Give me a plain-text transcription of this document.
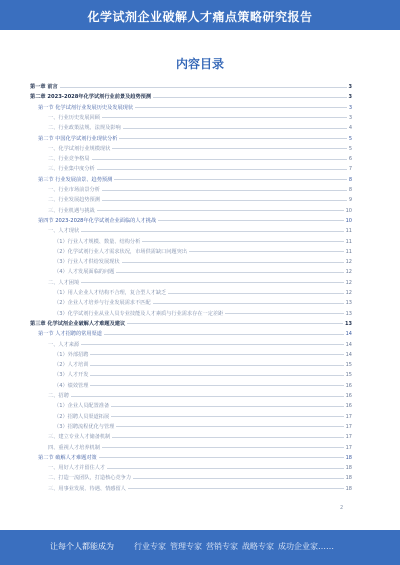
化学试剂企业破解人才痛点策略研究报告
内容目录
第一章 前言	3
第二章 2023-2028年化学试剂行业前景及趋势预测	3
第一节 化学试剂行业发展历史及发展现状	3
一、行业历史发展回顾	3
二、行业政策法规、法规及影响	4
第二节 中国化学试剂行业现状分析	5
一、化学试剂行业规模现状	5
二、行业竞争格局	6
三、行业集中度分析	7
第三节 行业发展前景、趋势预测	8
一、行业市场前景分析	8
二、行业发展趋势预测	9
三、行业机遇与挑战	10
第四节 2023-2028年化学试剂企业面临的人才挑战	10
一、人才现状	11
（1）行业人才规模、数量、结构分析	11
（2）化学试剂行业人才需求状况，市场供需缺口问题突出	11
（3）行业人才供给发展现状	12
（4）人才发展面临的问题	12
二、人才困境	12
（1）用人企业人才结构不合理，复合型人才缺乏	12
（2）企业人才培养与行业发展需求不匹配	13
（3）化学试剂行业从业人员专业技能及人才素质与行业需求存在一定差距	13
第三章 化学试剂企业破解人才难题及建议	13
第一节 人才招聘的常用渠道	14
一、人才来源	14
（1）外部招聘	14
（2）人才培训	15
（3）人才开发	15
（4）绩效管理	16
二、招聘	16
（1）企业人员配置准备	16
（2）招聘人员渠道拓展	17
（3）招聘流程优化与管理	17
三、建立专业人才储备机制	17
四、重视人才培养机制	17
第二节 破解人才难题对策	18
一、用好人才并留住人才	18
二、打造一流团队，打造核心竞争力	18
三、用事业发展、待遇、情感留人	18
2
让每个人都能成为	行业专家 管理专家 营销专家 战略专家 成功企业家……
